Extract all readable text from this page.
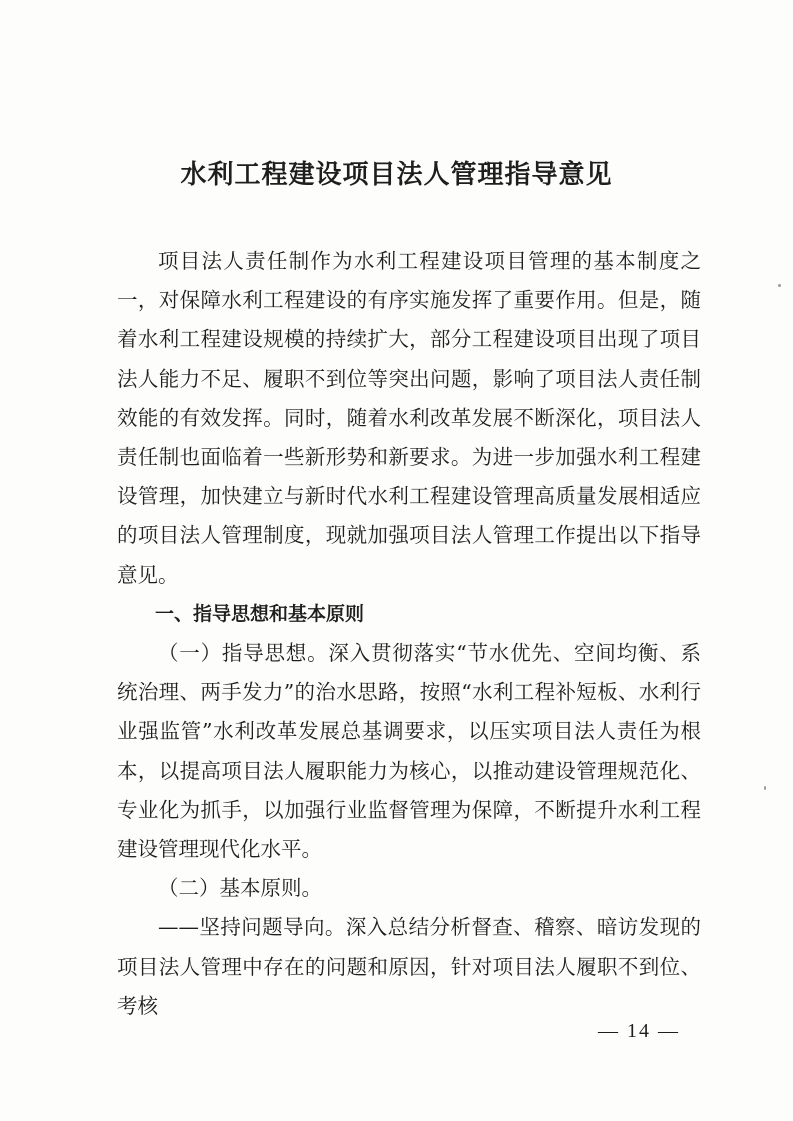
水利工程建设项目法人管理指导意见

项目法人责任制作为水利工程建设项目管理的基本制度之一，对保障水利工程建设的有序实施发挥了重要作用。但是，随着水利工程建设规模的持续扩大，部分工程建设项目出现了项目法人能力不足、履职不到位等突出问题，影响了项目法人责任制效能的有效发挥。同时，随着水利改革发展不断深化，项目法人责任制也面临着一些新形势和新要求。为进一步加强水利工程建设管理，加快建立与新时代水利工程建设管理高质量发展相适应的项目法人管理制度，现就加强项目法人管理工作提出以下指导意见。

一、指导思想和基本原则

（一）指导思想。深入贯彻落实“节水优先、空间均衡、系统治理、两手发力”的治水思路，按照“水利工程补短板、水利行业强监管”水利改革发展总基调要求，以压实项目法人责任为根本，以提高项目法人履职能力为核心，以推动建设管理规范化、专业化为抓手，以加强行业监督管理为保障，不断提升水利工程建设管理现代化水平。

（二）基本原则。

——坚持问题导向。深入总结分析督查、稽察、暗访发现的项目法人管理中存在的问题和原因，针对项目法人履职不到位、考核

— 14 —
